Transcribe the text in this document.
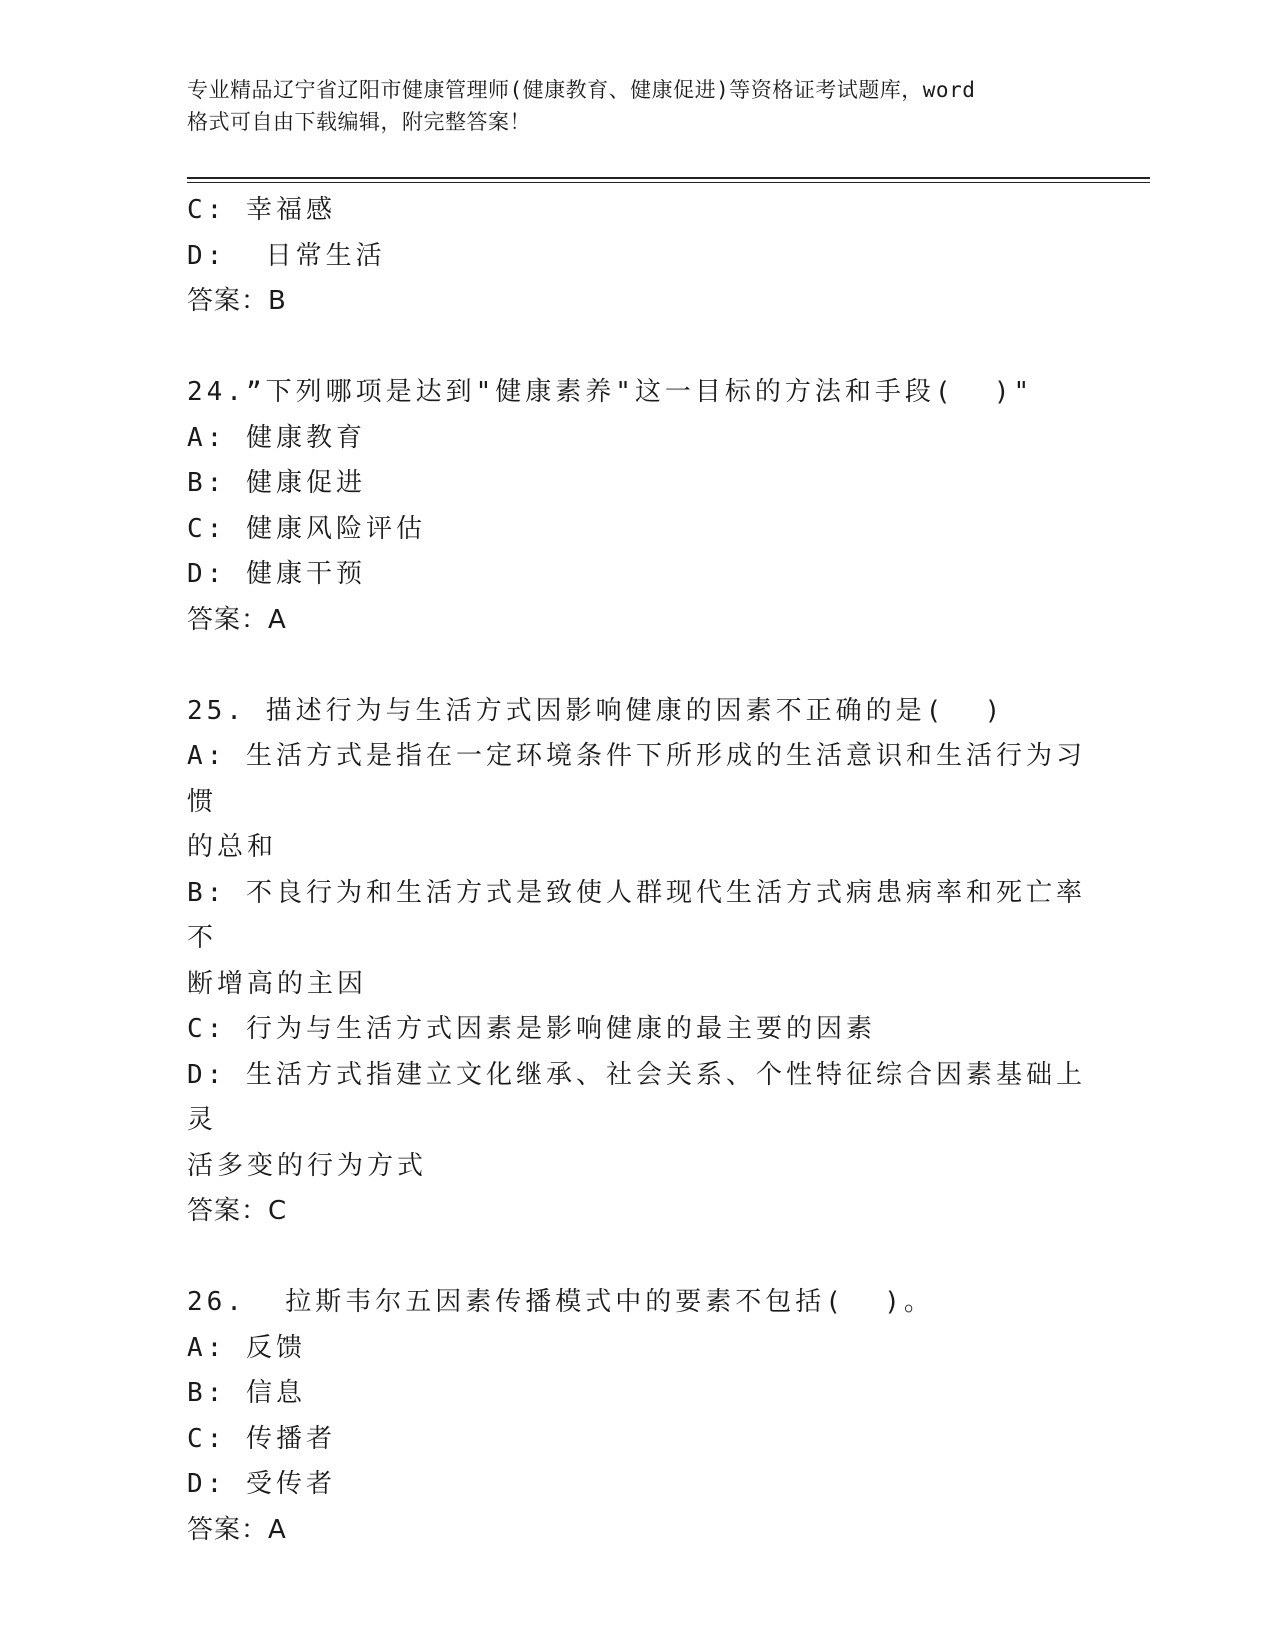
专业精品辽宁省辽阳市健康管理师(健康教育、健康促进)等资格证考试题库，word
格式可自由下载编辑，附完整答案！
C: 幸福感
D:  日常生活
答案：B
24.”下列哪项是达到"健康素养"这一目标的方法和手段(  )"
A: 健康教育
B: 健康促进
C: 健康风险评估
D: 健康干预
答案：A
25. 描述行为与生活方式因影响健康的因素不正确的是(  )
A: 生活方式是指在一定环境条件下所形成的生活意识和生活行为习惯
的总和
B: 不良行为和生活方式是致使人群现代生活方式病患病率和死亡率不
断增高的主因
C: 行为与生活方式因素是影响健康的最主要的因素
D: 生活方式指建立文化继承、社会关系、个性特征综合因素基础上灵
活多变的行为方式
答案：C
26.  拉斯韦尔五因素传播模式中的要素不包括(  )。
A: 反馈
B: 信息
C: 传播者
D: 受传者
答案：A
